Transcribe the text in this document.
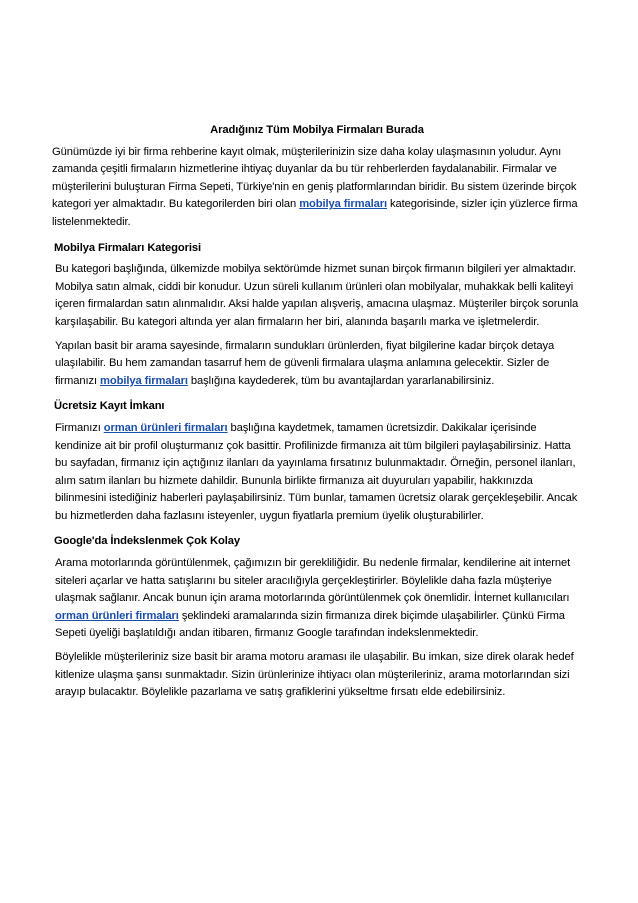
Aradığınız Tüm Mobilya Firmaları Burada

Günümüzde iyi bir firma rehberine kayıt olmak, müşterilerinizin size daha kolay ulaşmasının yoludur. Aynı zamanda çeşitli firmaların hizmetlerine ihtiyaç duyanlar da bu tür rehberlerden faydalanabilir. Firmalar ve müşterilerini buluşturan Firma Sepeti, Türkiye'nin en geniş platformlarından biridir. Bu sistem üzerinde birçok kategori yer almaktadır. Bu kategorilerden biri olan mobilya firmaları kategorisinde, sizler için yüzlerce firma listelenmektedir.

Mobilya Firmaları Kategorisi

Bu kategori başlığında, ülkemizde mobilya sektörümde hizmet sunan birçok firmanın bilgileri yer almaktadır. Mobilya satın almak, ciddi bir konudur. Uzun süreli kullanım ürünleri olan mobilyalar, muhakkak belli kaliteyi içeren firmalardan satın alınmalıdır. Aksi halde yapılan alışveriş, amacına ulaşmaz. Müşteriler birçok sorunla karşılaşabilir. Bu kategori altında yer alan firmaların her biri, alanında başarılı marka ve işletmelerdir.

Yapılan basit bir arama sayesinde, firmaların sundukları ürünlerden, fiyat bilgilerine kadar birçok detaya ulaşılabilir. Bu hem zamandan tasarruf hem de güvenli firmalara ulaşma anlamına gelecektir. Sizler de firmanızı mobilya firmaları başlığına kaydederek, tüm bu avantajlardan yararlanabilirsiniz.

Ücretsiz Kayıt İmkanı

Firmanızı orman ürünleri firmaları başlığına kaydetmek, tamamen ücretsizdir. Dakikalar içerisinde kendinize ait bir profil oluşturmanız çok basittir. Profilinizde firmanıza ait tüm bilgileri paylaşabilirsiniz. Hatta bu sayfadan, firmanız için açtığınız ilanları da yayınlama fırsatınız bulunmaktadır. Örneğin, personel ilanları, alım satım ilanları bu hizmete dahildir. Bununla birlikte firmanıza ait duyuruları yapabilir, hakkınızda bilinmesini istediğiniz haberleri paylaşabilirsiniz. Tüm bunlar, tamamen ücretsiz olarak gerçekleşebilir. Ancak bu hizmetlerden daha fazlasını isteyenler, uygun fiyatlarla premium üyelik oluşturabilirler.

Google'da İndekslenmek Çok Kolay

Arama motorlarında görüntülenmek, çağımızın bir gerekliliğidir. Bu nedenle firmalar, kendilerine ait internet siteleri açarlar ve hatta satışlarını bu siteler aracılığıyla gerçekleştirirler. Böylelikle daha fazla müşteriye ulaşmak sağlanır. Ancak bunun için arama motorlarında görüntülenmek çok önemlidir. İnternet kullanıcıları orman ürünleri firmaları şeklindeki aramalarında sizin firmanıza direk biçimde ulaşabilirler. Çünkü Firma Sepeti üyeliği başlatıldığı andan itibaren, firmanız Google tarafından indekslenmektedir.

Böylelikle müşterileriniz size basit bir arama motoru araması ile ulaşabilir. Bu imkan, size direk olarak hedef kitlenize ulaşma şansı sunmaktadır. Sizin ürünlerinize ihtiyacı olan müşterileriniz, arama motorlarından sizi arayıp bulacaktır. Böylelikle pazarlama ve satış grafiklerini yükseltme fırsatı elde edebilirsiniz.
